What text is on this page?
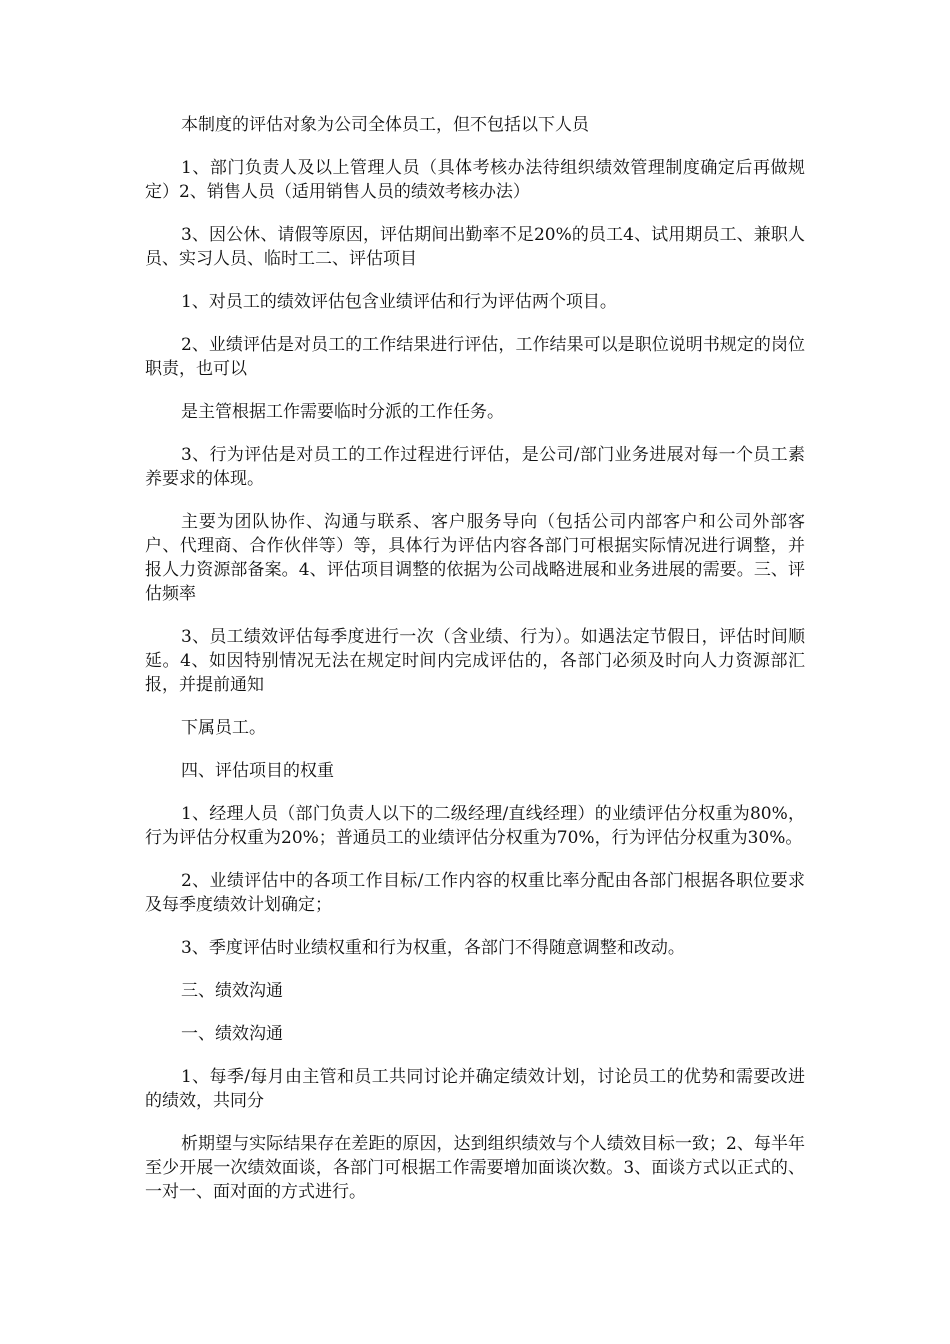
本制度的评估对象为公司全体员工，但不包括以下人员

1、部门负责人及以上管理人员（具体考核办法待组织绩效管理制度确定后再做规定）2、销售人员（适用销售人员的绩效考核办法）

3、因公休、请假等原因，评估期间出勤率不足20%的员工4、试用期员工、兼职人员、实习人员、临时工二、评估项目

1、对员工的绩效评估包含业绩评估和行为评估两个项目。

2、业绩评估是对员工的工作结果进行评估，工作结果可以是职位说明书规定的岗位职责，也可以

是主管根据工作需要临时分派的工作任务。

3、行为评估是对员工的工作过程进行评估，是公司/部门业务进展对每一个员工素养要求的体现。

主要为团队协作、沟通与联系、客户服务导向（包括公司内部客户和公司外部客户、代理商、合作伙伴等）等，具体行为评估内容各部门可根据实际情况进行调整，并报人力资源部备案。4、评估项目调整的依据为公司战略进展和业务进展的需要。三、评估频率

3、员工绩效评估每季度进行一次（含业绩、行为）。如遇法定节假日，评估时间顺延。4、如因特别情况无法在规定时间内完成评估的，各部门必须及时向人力资源部汇报，并提前通知

下属员工。

四、评估项目的权重

1、经理人员（部门负责人以下的二级经理/直线经理）的业绩评估分权重为80%，行为评估分权重为20%；普通员工的业绩评估分权重为70%，行为评估分权重为30%。

2、业绩评估中的各项工作目标/工作内容的权重比率分配由各部门根据各职位要求及每季度绩效计划确定；

3、季度评估时业绩权重和行为权重，各部门不得随意调整和改动。

三、绩效沟通

一、绩效沟通

1、每季/每月由主管和员工共同讨论并确定绩效计划，讨论员工的优势和需要改进的绩效，共同分

析期望与实际结果存在差距的原因，达到组织绩效与个人绩效目标一致；2、每半年至少开展一次绩效面谈，各部门可根据工作需要增加面谈次数。3、面谈方式以正式的、一对一、面对面的方式进行。
